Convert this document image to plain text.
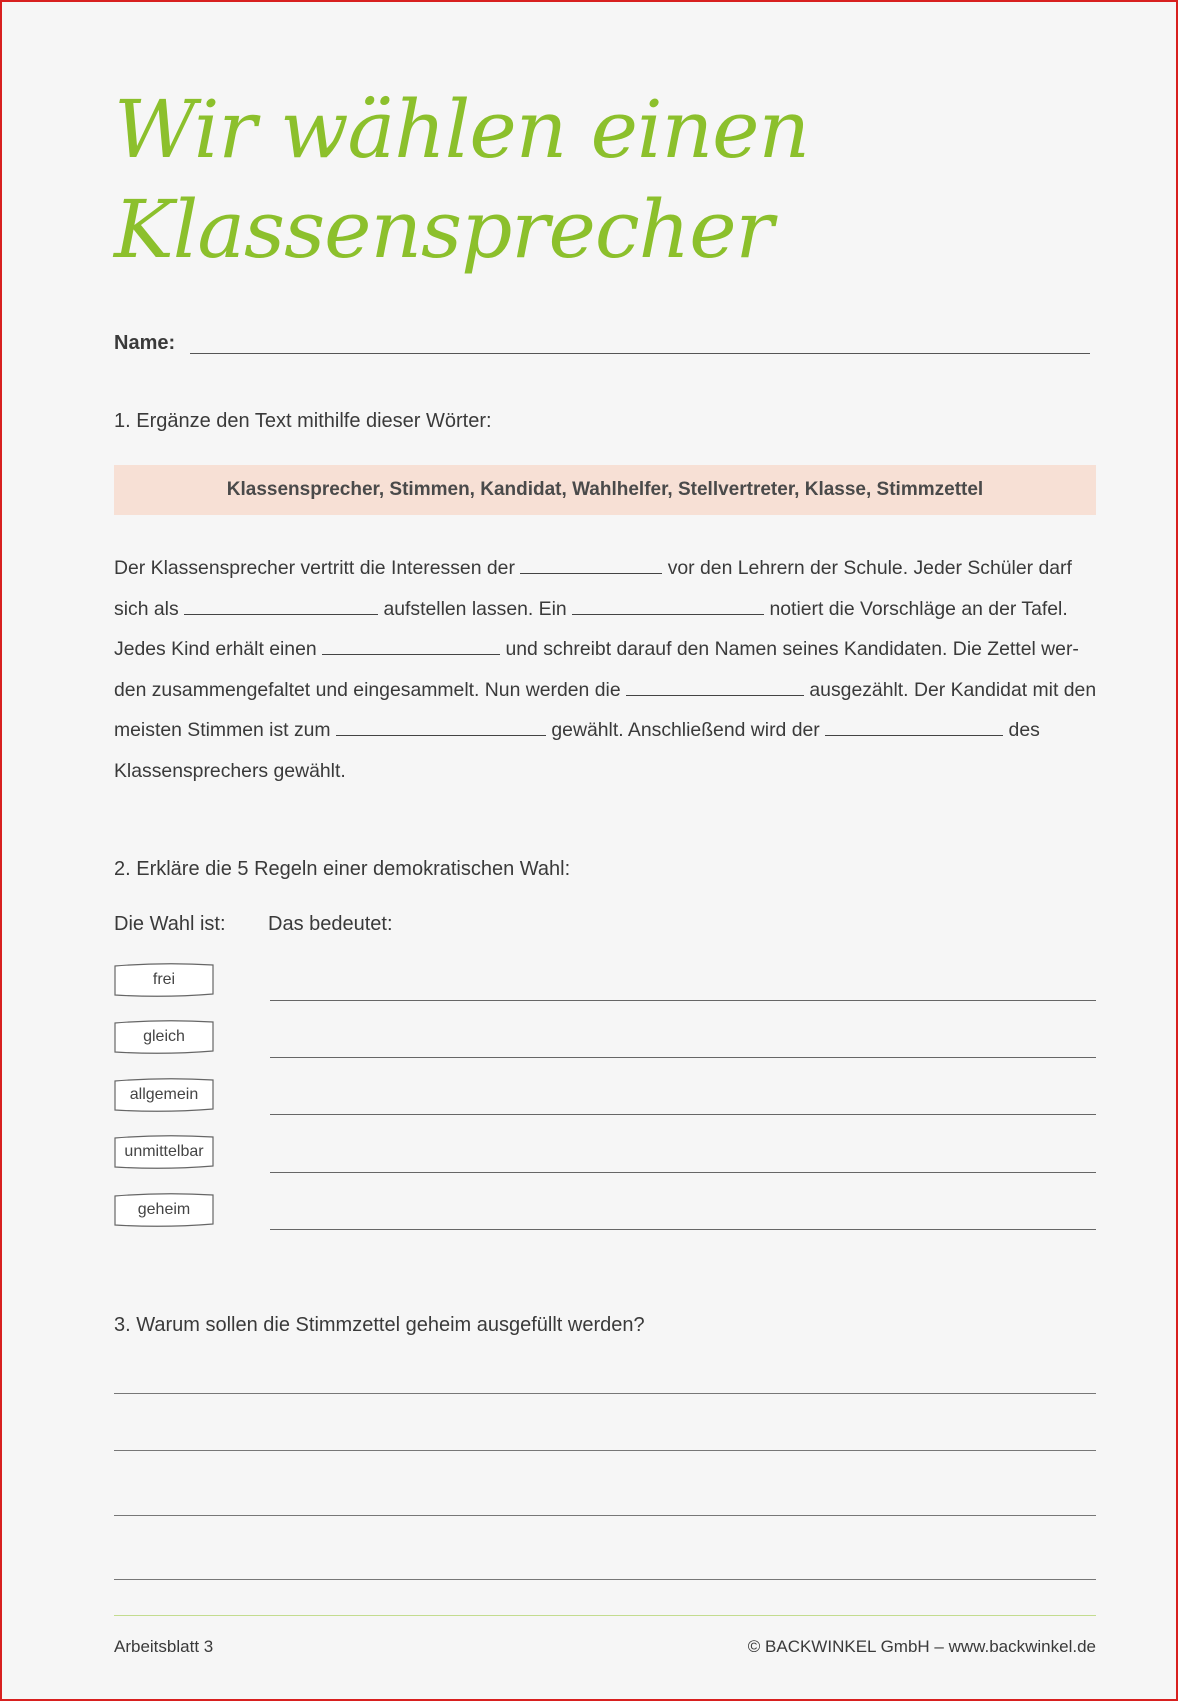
Wir wählen einen
Klassensprecher
Name:
1. Ergänze den Text mithilfe dieser Wörter:
Klassensprecher, Stimmen, Kandidat, Wahlhelfer, Stellvertreter, Klasse, Stimmzettel
Der Klassensprecher vertritt die Interessen der	vor den Lehrern der Schule. Jeder Schüler darf sich als	aufstellen lassen. Ein	notiert die Vorschläge an der Tafel. Jedes Kind erhält einen	und schreibt darauf den Namen seines Kandidaten. Die Zettel wer-den zusammengefaltet und eingesammelt. Nun werden die	ausgezählt. Der Kandidat mit den meisten Stimmen ist zum	gewählt. Anschließend wird der	des Klassensprechers gewählt.
2. Erkläre die 5 Regeln einer demokratischen Wahl:
Die Wahl ist: Das bedeutet:
frei
gleich
allgemein
unmittelbar
geheim
3. Warum sollen die Stimmzettel geheim ausgefüllt werden?
Arbeitsblatt 3	© BACKWINKEL GmbH – www.backwinkel.de
